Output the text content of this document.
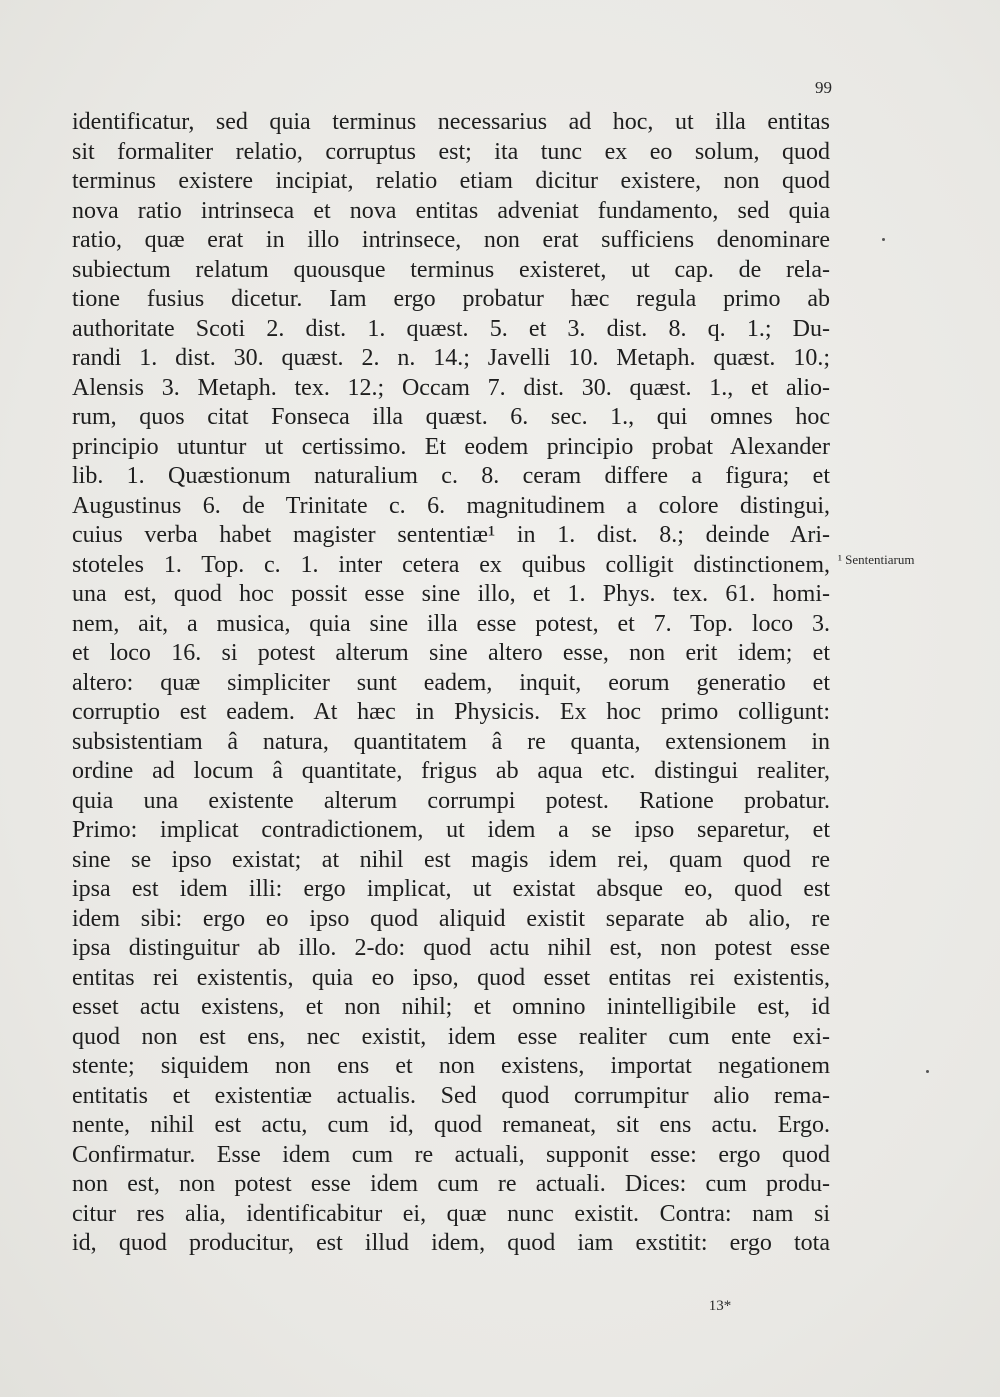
99
identificatur, sed quia terminus necessarius ad hoc, ut illa entitas
sit formaliter relatio, corruptus est; ita tunc ex eo solum, quod
terminus existere incipiat, relatio etiam dicitur existere, non quod
nova ratio intrinseca et nova entitas adveniat fundamento, sed quia
ratio, quæ erat in illo intrinsece, non erat sufficiens denominare
subiectum relatum quousque terminus existeret, ut cap. de rela-
tione fusius dicetur. Iam ergo probatur hæc regula primo ab
authoritate Scoti 2. dist. 1. quæst. 5. et 3. dist. 8. q. 1.; Du-
randi 1. dist. 30. quæst. 2. n. 14.; Javelli 10. Metaph. quæst. 10.;
Alensis 3. Metaph. tex. 12.; Occam 7. dist. 30. quæst. 1., et alio-
rum, quos citat Fonseca illa quæst. 6. sec. 1., qui omnes hoc
principio utuntur ut certissimo. Et eodem principio probat Alexander
lib. 1. Quæstionum naturalium c. 8. ceram differe a figura; et
Augustinus 6. de Trinitate c. 6. magnitudinem a colore distingui,
cuius verba habet magister sententiæ¹ in 1. dist. 8.; deinde Ari-
stoteles 1. Top. c. 1. inter cetera ex quibus colligit distinctionem,
una est, quod hoc possit esse sine illo, et 1. Phys. tex. 61. homi-
nem, ait, a musica, quia sine illa esse potest, et 7. Top. loco 3.
et loco 16. si potest alterum sine altero esse, non erit idem; et
altero: quæ simpliciter sunt eadem, inquit, eorum generatio et
corruptio est eadem. At hæc in Physicis. Ex hoc primo colligunt:
subsistentiam â natura, quantitatem â re quanta, extensionem in
ordine ad locum â quantitate, frigus ab aqua etc. distingui realiter,
quia una existente alterum corrumpi potest. Ratione probatur.
Primo: implicat contradictionem, ut idem a se ipso separetur, et
sine se ipso existat; at nihil est magis idem rei, quam quod re
ipsa est idem illi: ergo implicat, ut existat absque eo, quod est
idem sibi: ergo eo ipso quod aliquid existit separate ab alio, re
ipsa distinguitur ab illo. 2-do: quod actu nihil est, non potest esse
entitas rei existentis, quia eo ipso, quod esset entitas rei existentis,
esset actu existens, et non nihil; et omnino inintelligibile est, id
quod non est ens, nec existit, idem esse realiter cum ente exi-
stente; siquidem non ens et non existens, importat negationem
entitatis et existentiæ actualis. Sed quod corrumpitur alio rema-
nente, nihil est actu, cum id, quod remaneat, sit ens actu. Ergo.
Confirmatur. Esse idem cum re actuali, supponit esse: ergo quod
non est, non potest esse idem cum re actuali. Dices: cum produ-
citur res alia, identificabitur ei, quæ nunc existit. Contra: nam si
id, quod producitur, est illud idem, quod iam exstitit: ergo tota
¹ Sententiarum
13*
